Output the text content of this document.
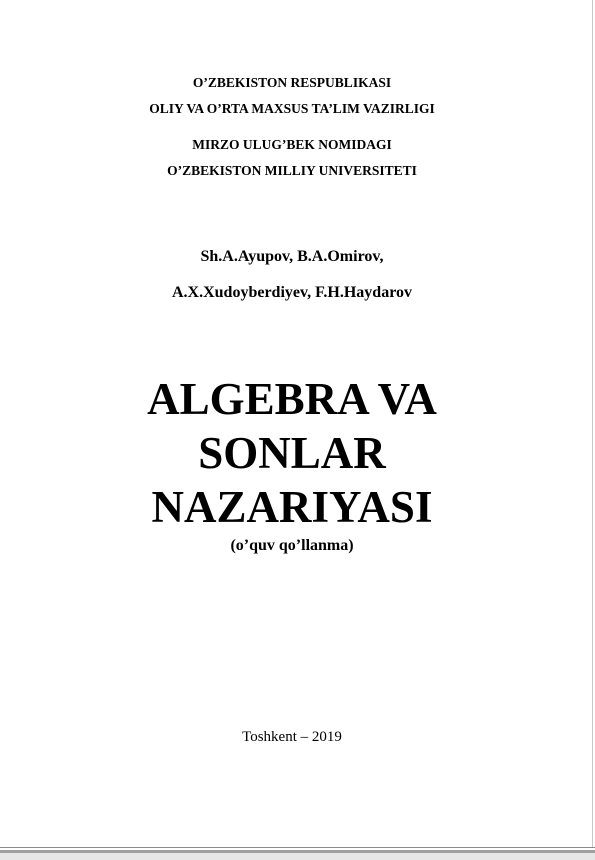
O’ZBEKISTON RESPUBLIKASI
OLIY VA O’RTA MAXSUS TA’LIM VAZIRLIGI
MIRZO ULUG’BEK NOMIDAGI
O’ZBEKISTON MILLIY UNIVERSITETI
Sh.A.Ayupov, B.A.Omirov,
A.X.Xudoyberdiyev, F.H.Haydarov
ALGEBRA VA
SONLAR
NAZARIYASI
(o’quv qo’llanma)
Toshkent – 2019
